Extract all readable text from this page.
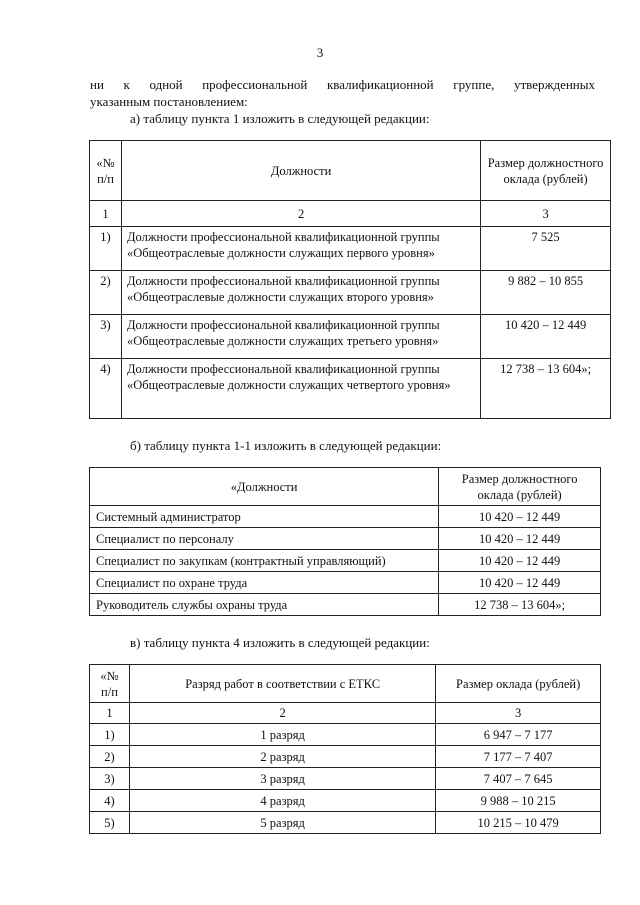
3
ни к одной профессиональной квалификационной группе, утвержденных
указанным постановлением:
а) таблицу пункта 1 изложить в следующей редакции:
«№ п/п	Должности	Размер должностного оклада (рублей)
1	2	3
1)	Должности профессиональной квалификационной группы «Общеотраслевые должности служащих первого уровня»	7 525
2)	Должности профессиональной квалификационной группы «Общеотраслевые должности служащих второго уровня»	9 882 – 10 855
3)	Должности профессиональной квалификационной группы «Общеотраслевые должности служащих третьего уровня»	10 420 – 12 449
4)	Должности профессиональной квалификационной группы «Общеотраслевые должности служащих четвертого уровня»	12 738 – 13 604»;
б) таблицу пункта 1-1 изложить в следующей редакции:
«Должности	Размер должностного оклада (рублей)
Системный администратор	10 420 – 12 449
Специалист по персоналу	10 420 – 12 449
Специалист по закупкам (контрактный управляющий)	10 420 – 12 449
Специалист по охране труда	10 420 – 12 449
Руководитель службы охраны труда	12 738 – 13 604»;
в) таблицу пункта 4 изложить в следующей редакции:
«№ п/п	Разряд работ в соответствии с ЕТКС	Размер оклада (рублей)
1	2	3
1)	1 разряд	6 947 – 7 177
2)	2 разряд	7 177 – 7 407
3)	3 разряд	7 407 – 7 645
4)	4 разряд	9 988 – 10 215
5)	5 разряд	10 215 – 10 479
